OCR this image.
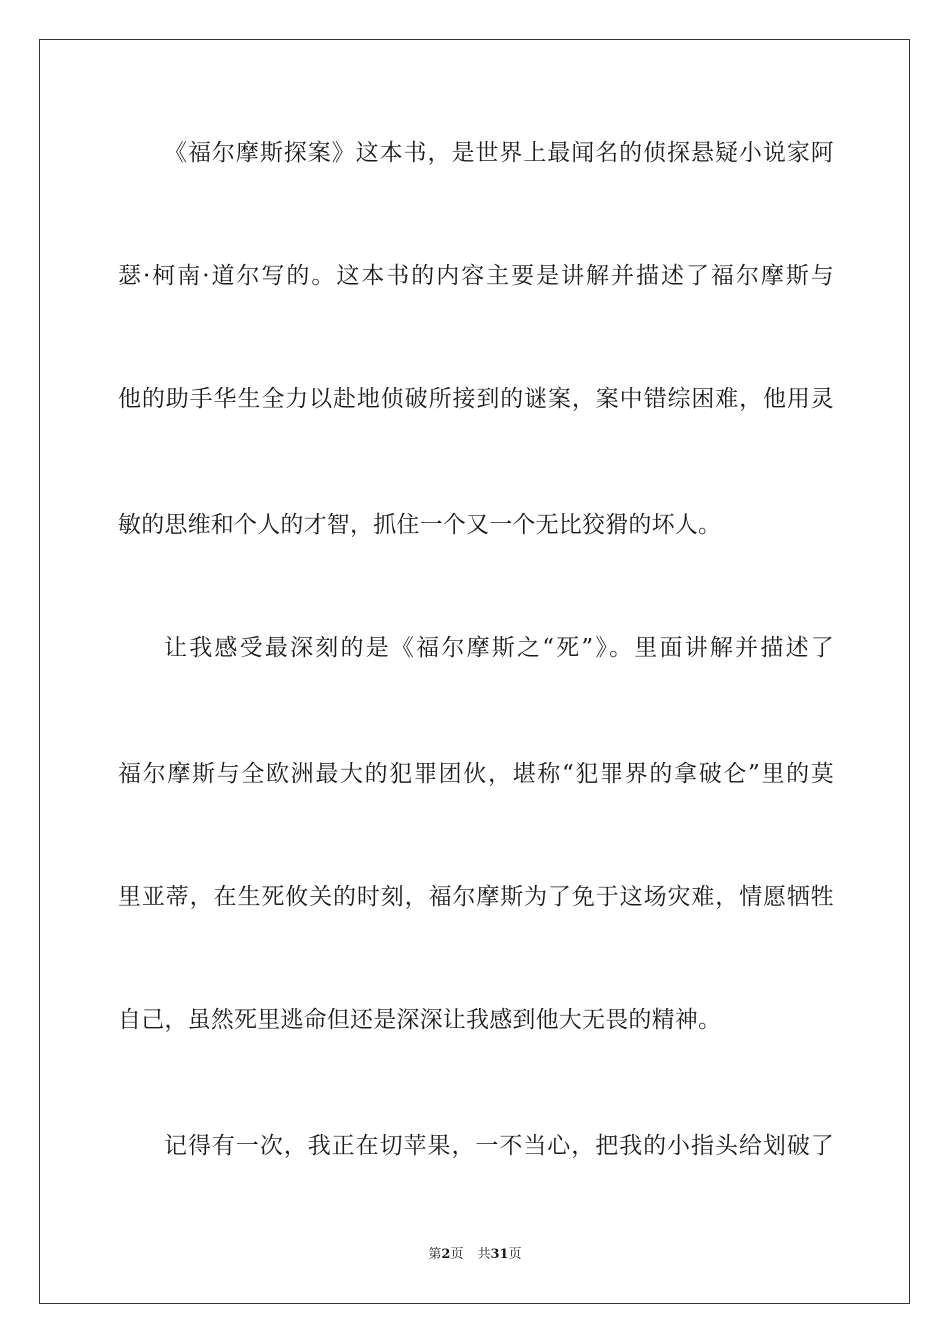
《福尔摩斯探案》这本书，是世界上最闻名的侦探悬疑小说家阿
瑟·柯南·道尔写的。这本书的内容主要是讲解并描述了福尔摩斯与
他的助手华生全力以赴地侦破所接到的谜案，案中错综困难，他用灵
敏的思维和个人的才智，抓住一个又一个无比狡猾的坏人。
让我感受最深刻的是《福尔摩斯之“死”》。里面讲解并描述了
福尔摩斯与全欧洲最大的犯罪团伙，堪称“犯罪界的拿破仑”里的莫
里亚蒂，在生死攸关的时刻，福尔摩斯为了免于这场灾难，情愿牺牲
自己，虽然死里逃命但还是深深让我感到他大无畏的精神。
记得有一次，我正在切苹果，一不当心，把我的小指头给划破了
第2页 共31页
